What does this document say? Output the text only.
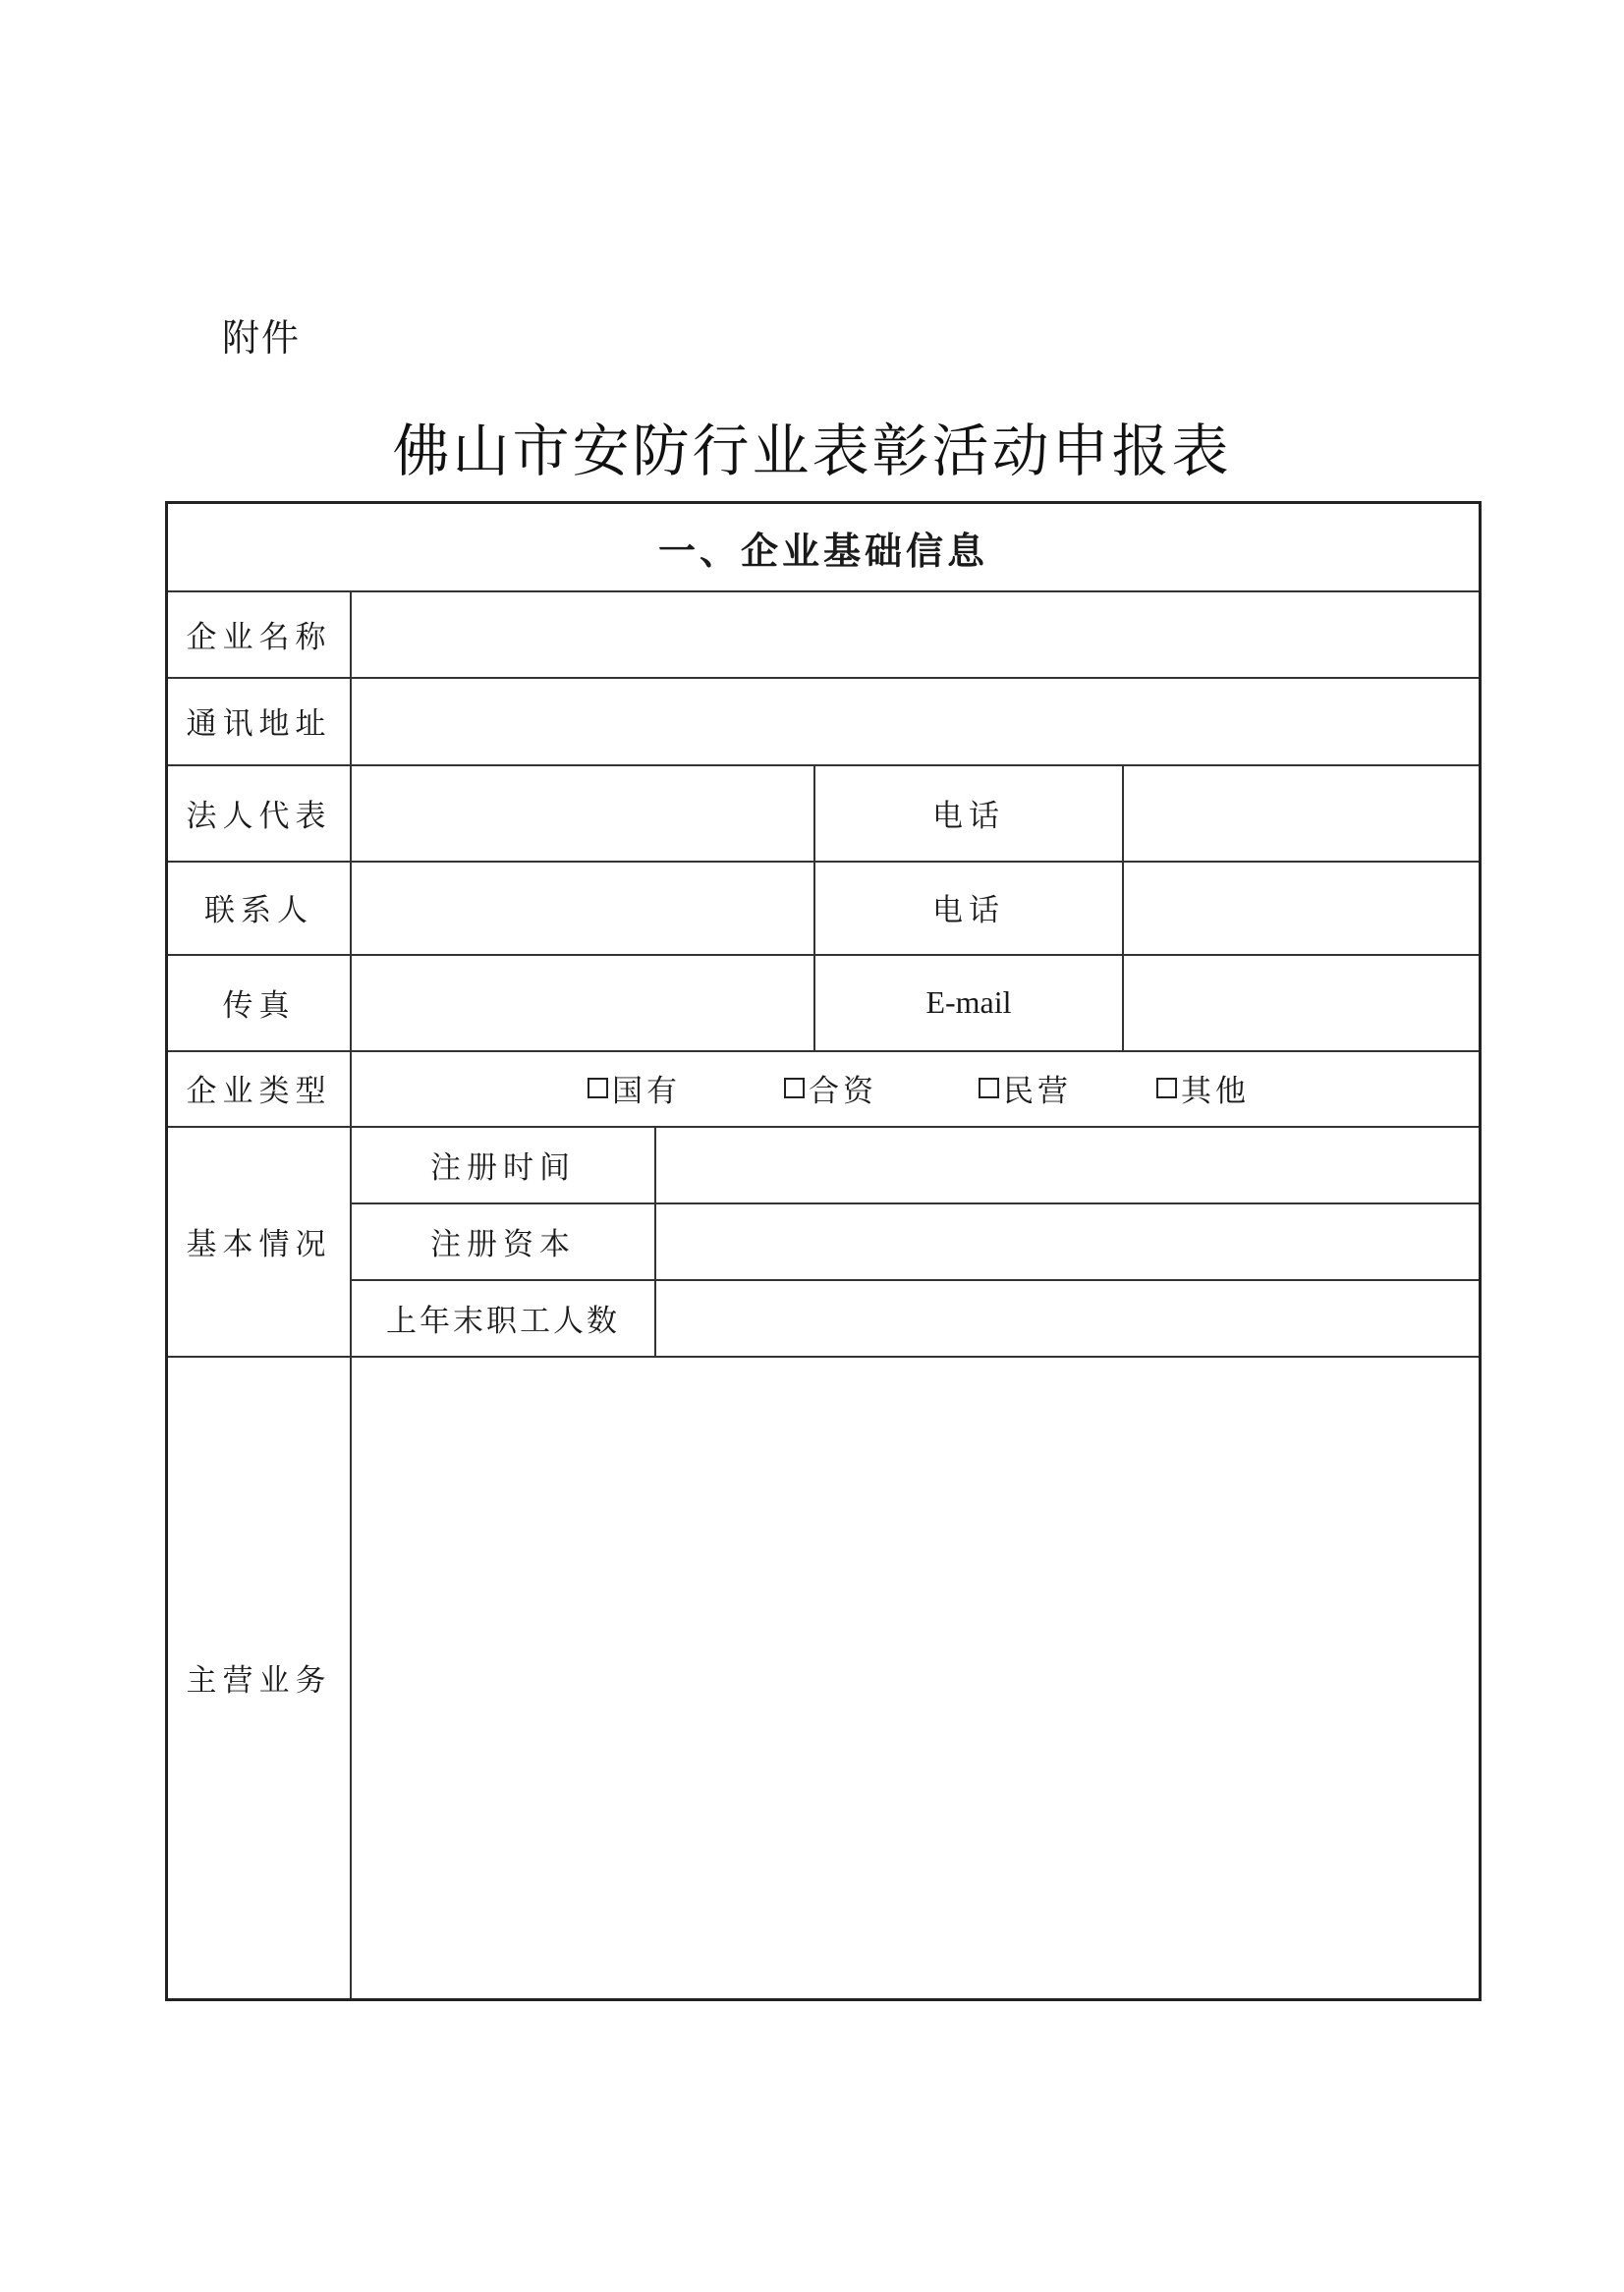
附件
佛山市安防行业表彰活动申报表
一、企业基础信息
企业名称
通讯地址
法人代表	电话
联系人	电话
传真	E-mail
企业类型	国有	合资	民营	其他
基本情况
注册时间
注册资本
上年末职工人数
主营业务
